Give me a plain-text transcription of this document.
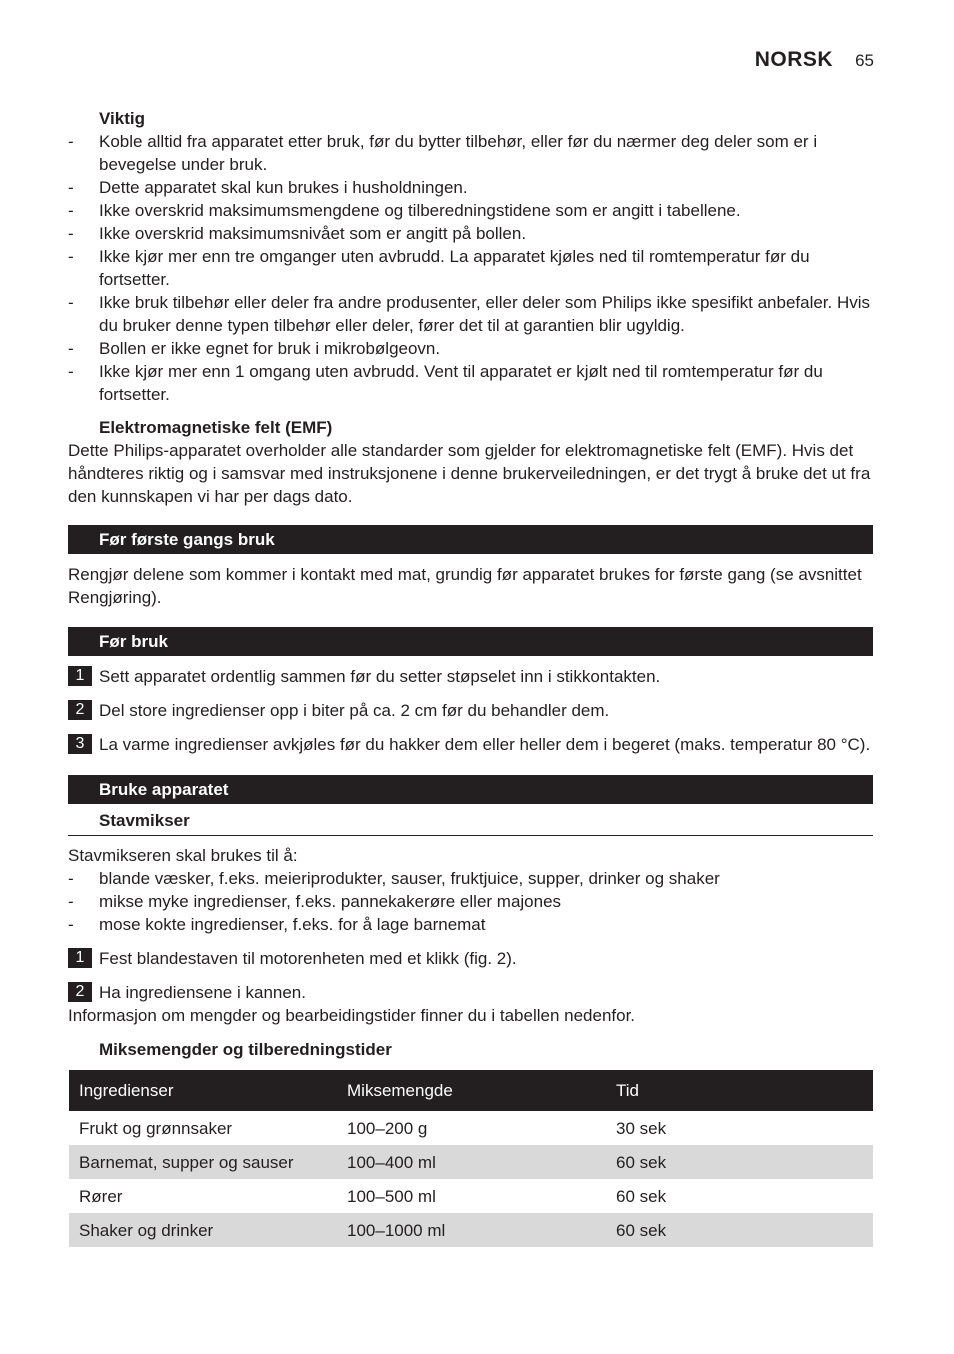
NORSK 65
Viktig
- Koble alltid fra apparatet etter bruk, før du bytter tilbehør, eller før du nærmer deg deler som er i bevegelse under bruk.
- Dette apparatet skal kun brukes i husholdningen.
- Ikke overskrid maksimumsmengdene og tilberedningstidene som er angitt i tabellene.
- Ikke overskrid maksimumsnivået som er angitt på bollen.
- Ikke kjør mer enn tre omganger uten avbrudd. La apparatet kjøles ned til romtemperatur før du fortsetter.
- Ikke bruk tilbehør eller deler fra andre produsenter, eller deler som Philips ikke spesifikt anbefaler. Hvis du bruker denne typen tilbehør eller deler, fører det til at garantien blir ugyldig.
- Bollen er ikke egnet for bruk i mikrobølgeovn.
- Ikke kjør mer enn 1 omgang uten avbrudd. Vent til apparatet er kjølt ned til romtemperatur før du fortsetter.
Elektromagnetiske felt (EMF)

Dette Philips-apparatet overholder alle standarder som gjelder for elektromagnetiske felt (EMF). Hvis det håndteres riktig og i samsvar med instruksjonene i denne brukerveiledningen, er det trygt å bruke det ut fra den kunnskapen vi har per dags dato.

Før første gangs bruk

Rengjør delene som kommer i kontakt med mat, grundig før apparatet brukes for første gang (se avsnittet Rengjøring).

Før bruk
1 Sett apparatet ordentlig sammen før du setter støpselet inn i stikkontakten.
2 Del store ingredienser opp i biter på ca. 2 cm før du behandler dem.
3 La varme ingredienser avkjøles før du hakker dem eller heller dem i begeret (maks. temperatur 80 °C).
Bruke apparatet
Stavmikser

Stavmikseren skal brukes til å:

- blande væsker, f.eks. meieriprodukter, sauser, fruktjuice, supper, drinker og shaker
- mikse myke ingredienser, f.eks. pannekakerøre eller majones
- mose kokte ingredienser, f.eks. for å lage barnemat
1 Fest blandestaven til motorenheten med et klikk (fig. 2).
2 Ha ingrediensene i kannen.

Informasjon om mengder og bearbeidingstider finner du i tabellen nedenfor.

Miksemengder og tilberedningstider
Ingredienser	Miksemengde	Tid
Frukt og grønnsaker	100–200 g	30 sek
Barnemat, supper og sauser	100–400 ml	60 sek
Rører	100–500 ml	60 sek
Shaker og drinker	100–1000 ml	60 sek
